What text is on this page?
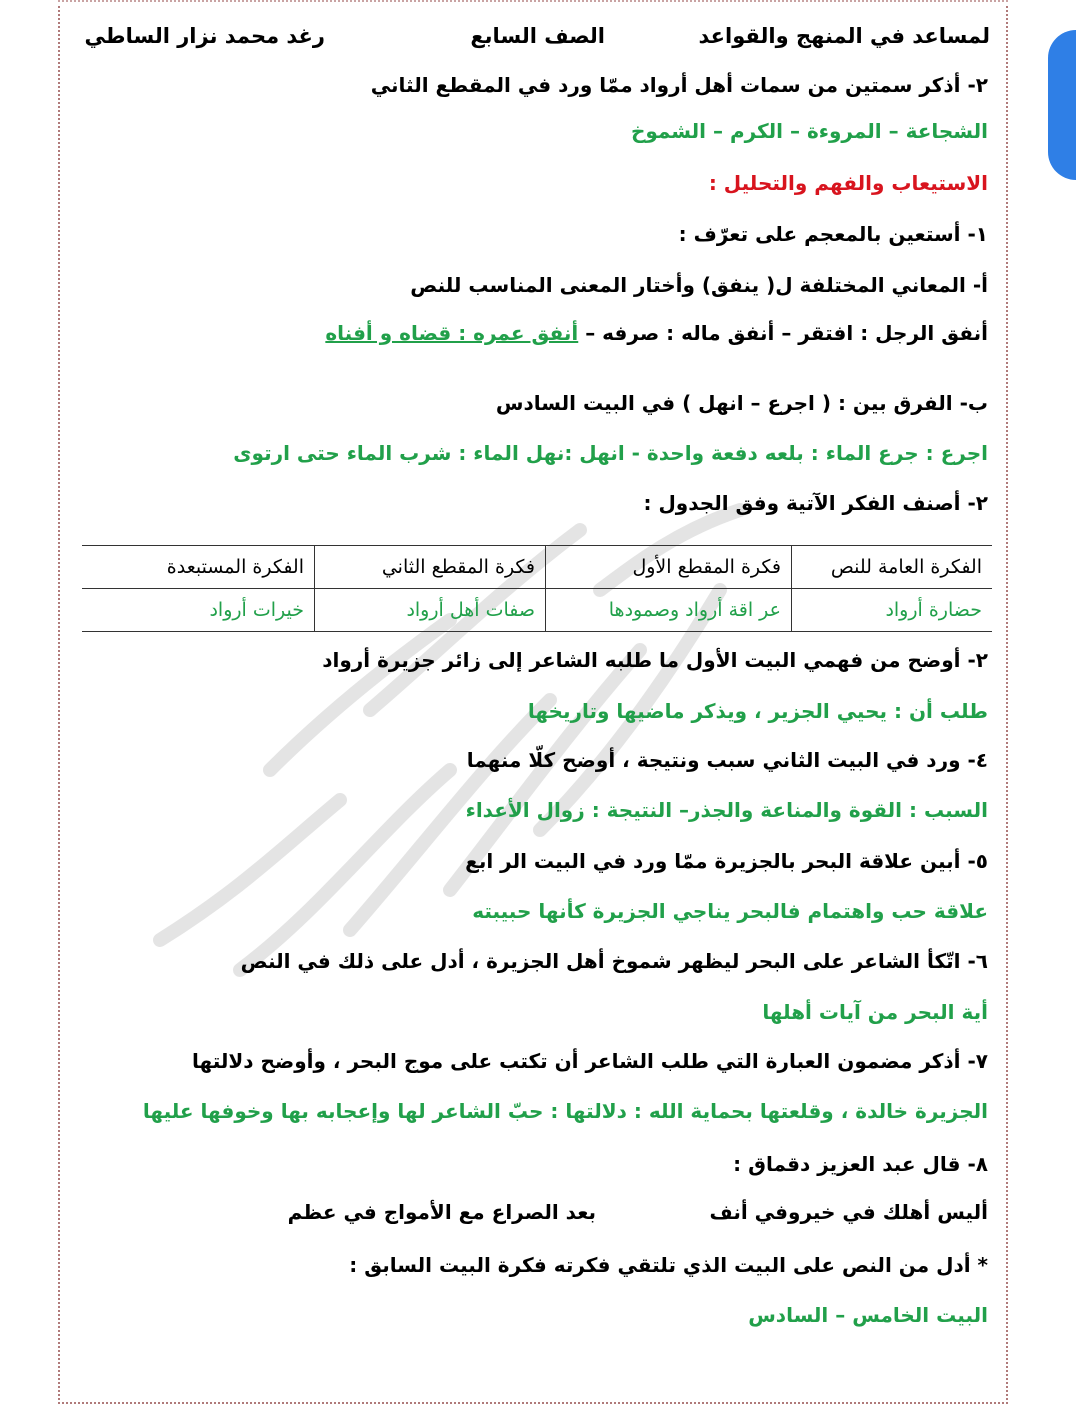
لمساعد في المنهج والقواعد
الصف السابع
رغد محمد نزار الساطي
٢- أذكر سمتين من سمات أهل أرواد ممّا ورد في المقطع الثاني
الشجاعة – المروءة – الكرم – الشموخ
الاستيعاب والفهم والتحليل :
١- أستعين بالمعجم على تعرّف :
أ- المعاني المختلفة ل( ينفق) وأختار المعنى المناسب للنص
أنفق الرجل : افتقر – أنفق ماله : صرفه – أنفق عمره : قضاه و أفناه
ب- الفرق بين : ( اجرع – انهل ) في البيت السادس
اجرع : جرع الماء : بلعه دفعة واحدة - انهل :نهل الماء : شرب الماء حتى ارتوى
٢- أصنف الفكر الآتية وفق الجدول :
الفكرة العامة للنص	فكرة المقطع الأول	فكرة المقطع الثاني	الفكرة المستبعدة
حضارة أرواد	عر اقة أرواد وصمودها	صفات أهل أرواد	خيرات أرواد
٢- أوضح من فهمي البيت الأول ما طلبه الشاعر إلى زائر جزيرة أرواد
طلب أن : يحيي الجزير ، ويذكر ماضيها وتاريخها
٤- ورد في البيت الثاني سبب ونتيجة ، أوضح كلّا منهما
السبب : القوة والمناعة والجذر– النتيجة : زوال الأعداء
٥- أبين علاقة البحر بالجزيرة ممّا ورد في البيت الر ابع
علاقة حب واهتمام فالبحر يناجي الجزيرة كأنها حبيبته
٦- اتّكأ الشاعر على البحر ليظهر شموخ أهل الجزيرة ، أدل على ذلك في النص
أية البحر من آيات أهلها
٧- أذكر مضمون العبارة التي طلب الشاعر أن تكتب على موج البحر ، وأوضح دلالتها
الجزيرة خالدة ، وقلعتها بحماية الله : دلالتها : حبّ الشاعر لها وإعجابه بها وخوفها عليها
٨- قال عبد العزيز دقماق :
أليس أهلك في خيروفي أنف
بعد الصراع مع الأمواج في عظم
* أدل من النص على البيت الذي تلتقي فكرته فكرة البيت السابق :
البيت الخامس – السادس
